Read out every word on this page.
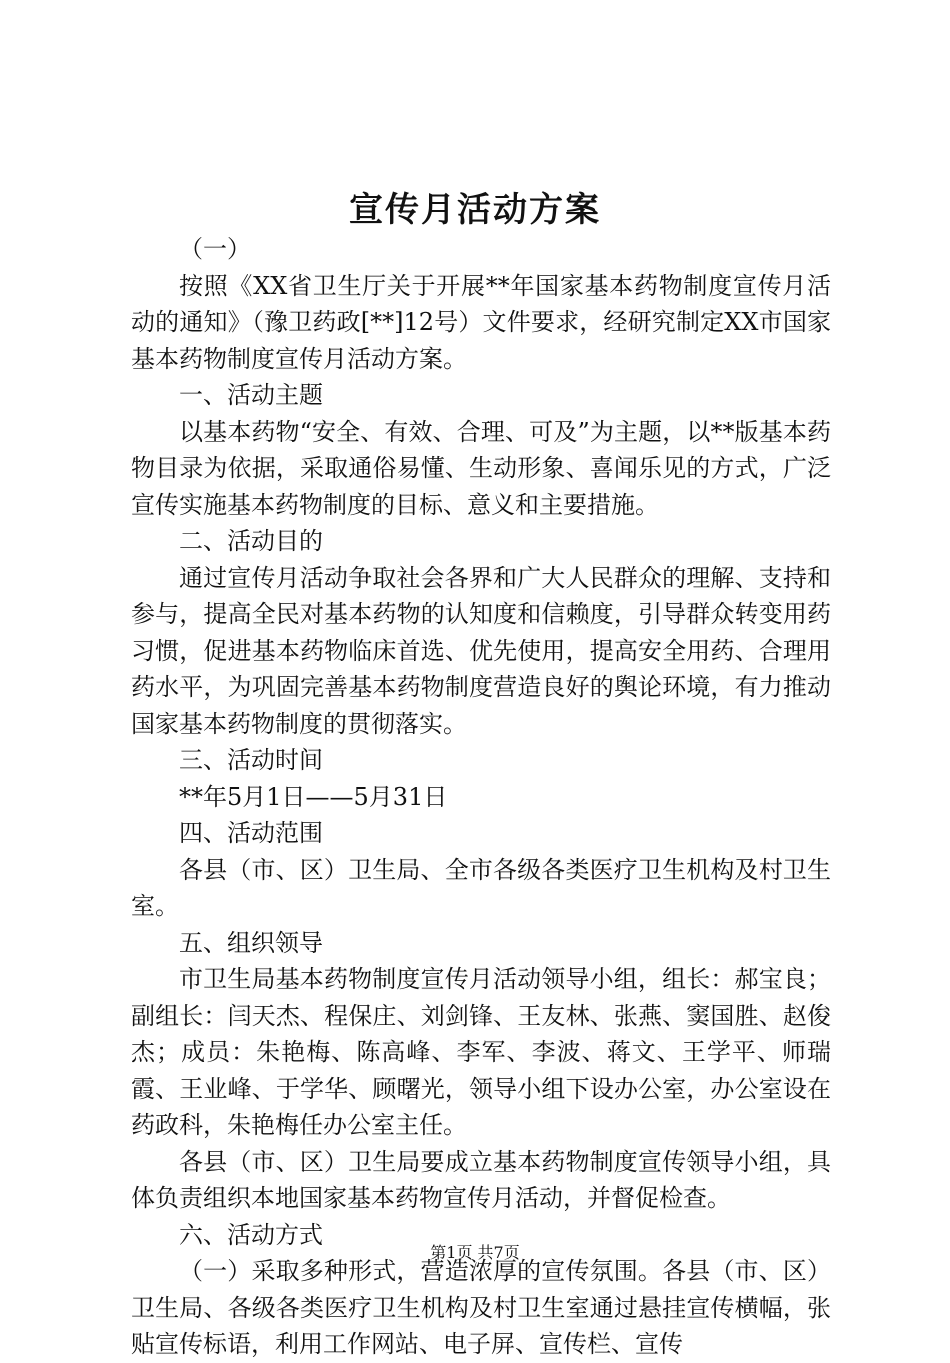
宣传月活动方案

（一）

按照《XX省卫生厅关于开展**年国家基本药物制度宣传月活动的通知》（豫卫药政[**]12号）文件要求，经研究制定XX市国家基本药物制度宣传月活动方案。

一、活动主题

以基本药物“安全、有效、合理、可及”为主题，以**版基本药物目录为依据，采取通俗易懂、生动形象、喜闻乐见的方式，广泛宣传实施基本药物制度的目标、意义和主要措施。

二、活动目的

通过宣传月活动争取社会各界和广大人民群众的理解、支持和参与，提高全民对基本药物的认知度和信赖度，引导群众转变用药习惯，促进基本药物临床首选、优先使用，提高安全用药、合理用药水平，为巩固完善基本药物制度营造良好的舆论环境，有力推动国家基本药物制度的贯彻落实。

三、活动时间

**年5月1日——5月31日

四、活动范围

各县（市、区）卫生局、全市各级各类医疗卫生机构及村卫生室。

五、组织领导

市卫生局基本药物制度宣传月活动领导小组，组长：郝宝良；副组长：闫天杰、程保庄、刘剑锋、王友林、张燕、窦国胜、赵俊杰；成员：朱艳梅、陈高峰、李军、李波、蒋文、王学平、师瑞霞、王业峰、于学华、顾曙光，领导小组下设办公室，办公室设在药政科，朱艳梅任办公室主任。

各县（市、区）卫生局要成立基本药物制度宣传领导小组，具体负责组织本地国家基本药物宣传月活动，并督促检查。

六、活动方式

（一）采取多种形式，营造浓厚的宣传氛围。各县（市、区）卫生局、各级各类医疗卫生机构及村卫生室通过悬挂宣传横幅，张贴宣传标语，利用工作网站、电子屏、宣传栏、宣传

第1页 共7页
